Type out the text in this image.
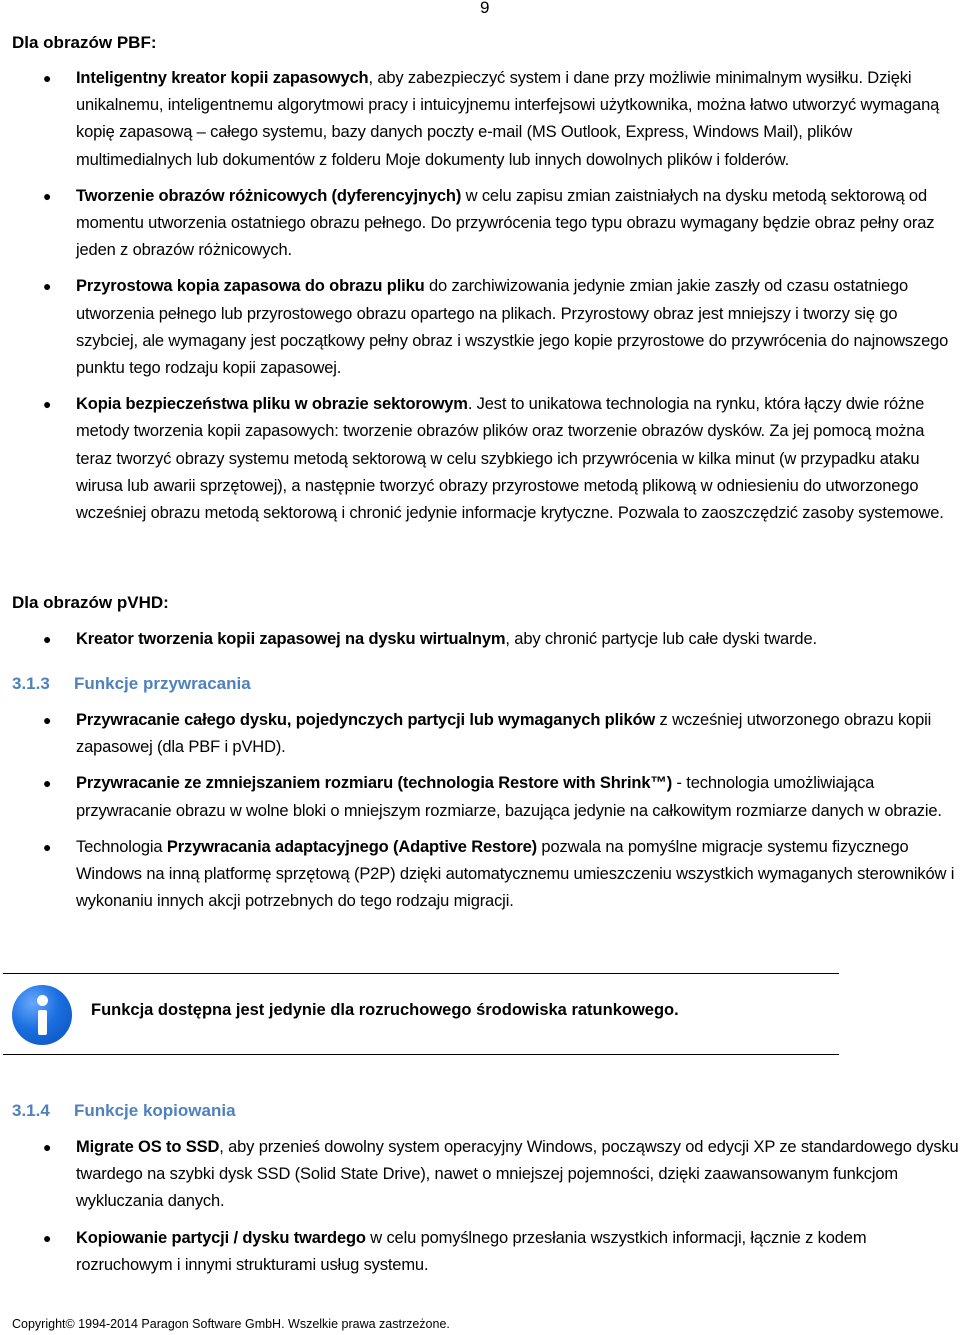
9
Dla obrazów PBF:
● Inteligentny kreator kopii zapasowych, aby zabezpieczyć system i dane przy możliwie minimalnym wysiłku. Dzięki unikalnemu, inteligentnemu algorytmowi pracy i intuicyjnemu interfejsowi użytkownika, można łatwo utworzyć wymaganą kopię zapasową – całego systemu, bazy danych poczty e-mail (MS Outlook, Express, Windows Mail), plików multimedialnych lub dokumentów z folderu Moje dokumenty lub innych dowolnych plików i folderów.
● Tworzenie obrazów różnicowych (dyferencyjnych) w celu zapisu zmian zaistniałych na dysku metodą sektorową od momentu utworzenia ostatniego obrazu pełnego. Do przywrócenia tego typu obrazu wymagany będzie obraz pełny oraz jeden z obrazów różnicowych.
● Przyrostowa kopia zapasowa do obrazu pliku do zarchiwizowania jedynie zmian jakie zaszły od czasu ostatniego utworzenia pełnego lub przyrostowego obrazu opartego na plikach. Przyrostowy obraz jest mniejszy i tworzy się go szybciej, ale wymagany jest początkowy pełny obraz i wszystkie jego kopie przyrostowe do przywrócenia do najnowszego punktu tego rodzaju kopii zapasowej.
● Kopia bezpieczeństwa pliku w obrazie sektorowym. Jest to unikatowa technologia na rynku, która łączy dwie różne metody tworzenia kopii zapasowych: tworzenie obrazów plików oraz tworzenie obrazów dysków. Za jej pomocą można teraz tworzyć obrazy systemu metodą sektorową w celu szybkiego ich przywrócenia w kilka minut (w przypadku ataku wirusa lub awarii sprzętowej), a następnie tworzyć obrazy przyrostowe metodą plikową w odniesieniu do utworzonego wcześniej obrazu metodą sektorową i chronić jedynie informacje krytyczne. Pozwala to zaoszczędzić zasoby systemowe.
Dla obrazów pVHD:
● Kreator tworzenia kopii zapasowej na dysku wirtualnym, aby chronić partycje lub całe dyski twarde.
3.1.3 Funkcje przywracania
● Przywracanie całego dysku, pojedynczych partycji lub wymaganych plików z wcześniej utworzonego obrazu kopii zapasowej (dla PBF i pVHD).
● Przywracanie ze zmniejszaniem rozmiaru (technologia Restore with Shrink™) - technologia umożliwiająca przywracanie obrazu w wolne bloki o mniejszym rozmiarze, bazująca jedynie na całkowitym rozmiarze danych w obrazie.
● Technologia Przywracania adaptacyjnego (Adaptive Restore) pozwala na pomyślne migracje systemu fizycznego Windows na inną platformę sprzętową (P2P) dzięki automatycznemu umieszczeniu wszystkich wymaganych sterowników i wykonaniu innych akcji potrzebnych do tego rodzaju migracji.
Funkcja dostępna jest jedynie dla rozruchowego środowiska ratunkowego.
3.1.4 Funkcje kopiowania
● Migrate OS to SSD, aby przenieś dowolny system operacyjny Windows, począwszy od edycji XP ze standardowego dysku twardego na szybki dysk SSD (Solid State Drive), nawet o mniejszej pojemności, dzięki zaawansowanym funkcjom wykluczania danych.
● Kopiowanie partycji / dysku twardego w celu pomyślnego przesłania wszystkich informacji, łącznie z kodem rozruchowym i innymi strukturami usług systemu.
Copyright© 1994-2014 Paragon Software GmbH. Wszelkie prawa zastrzeżone.
